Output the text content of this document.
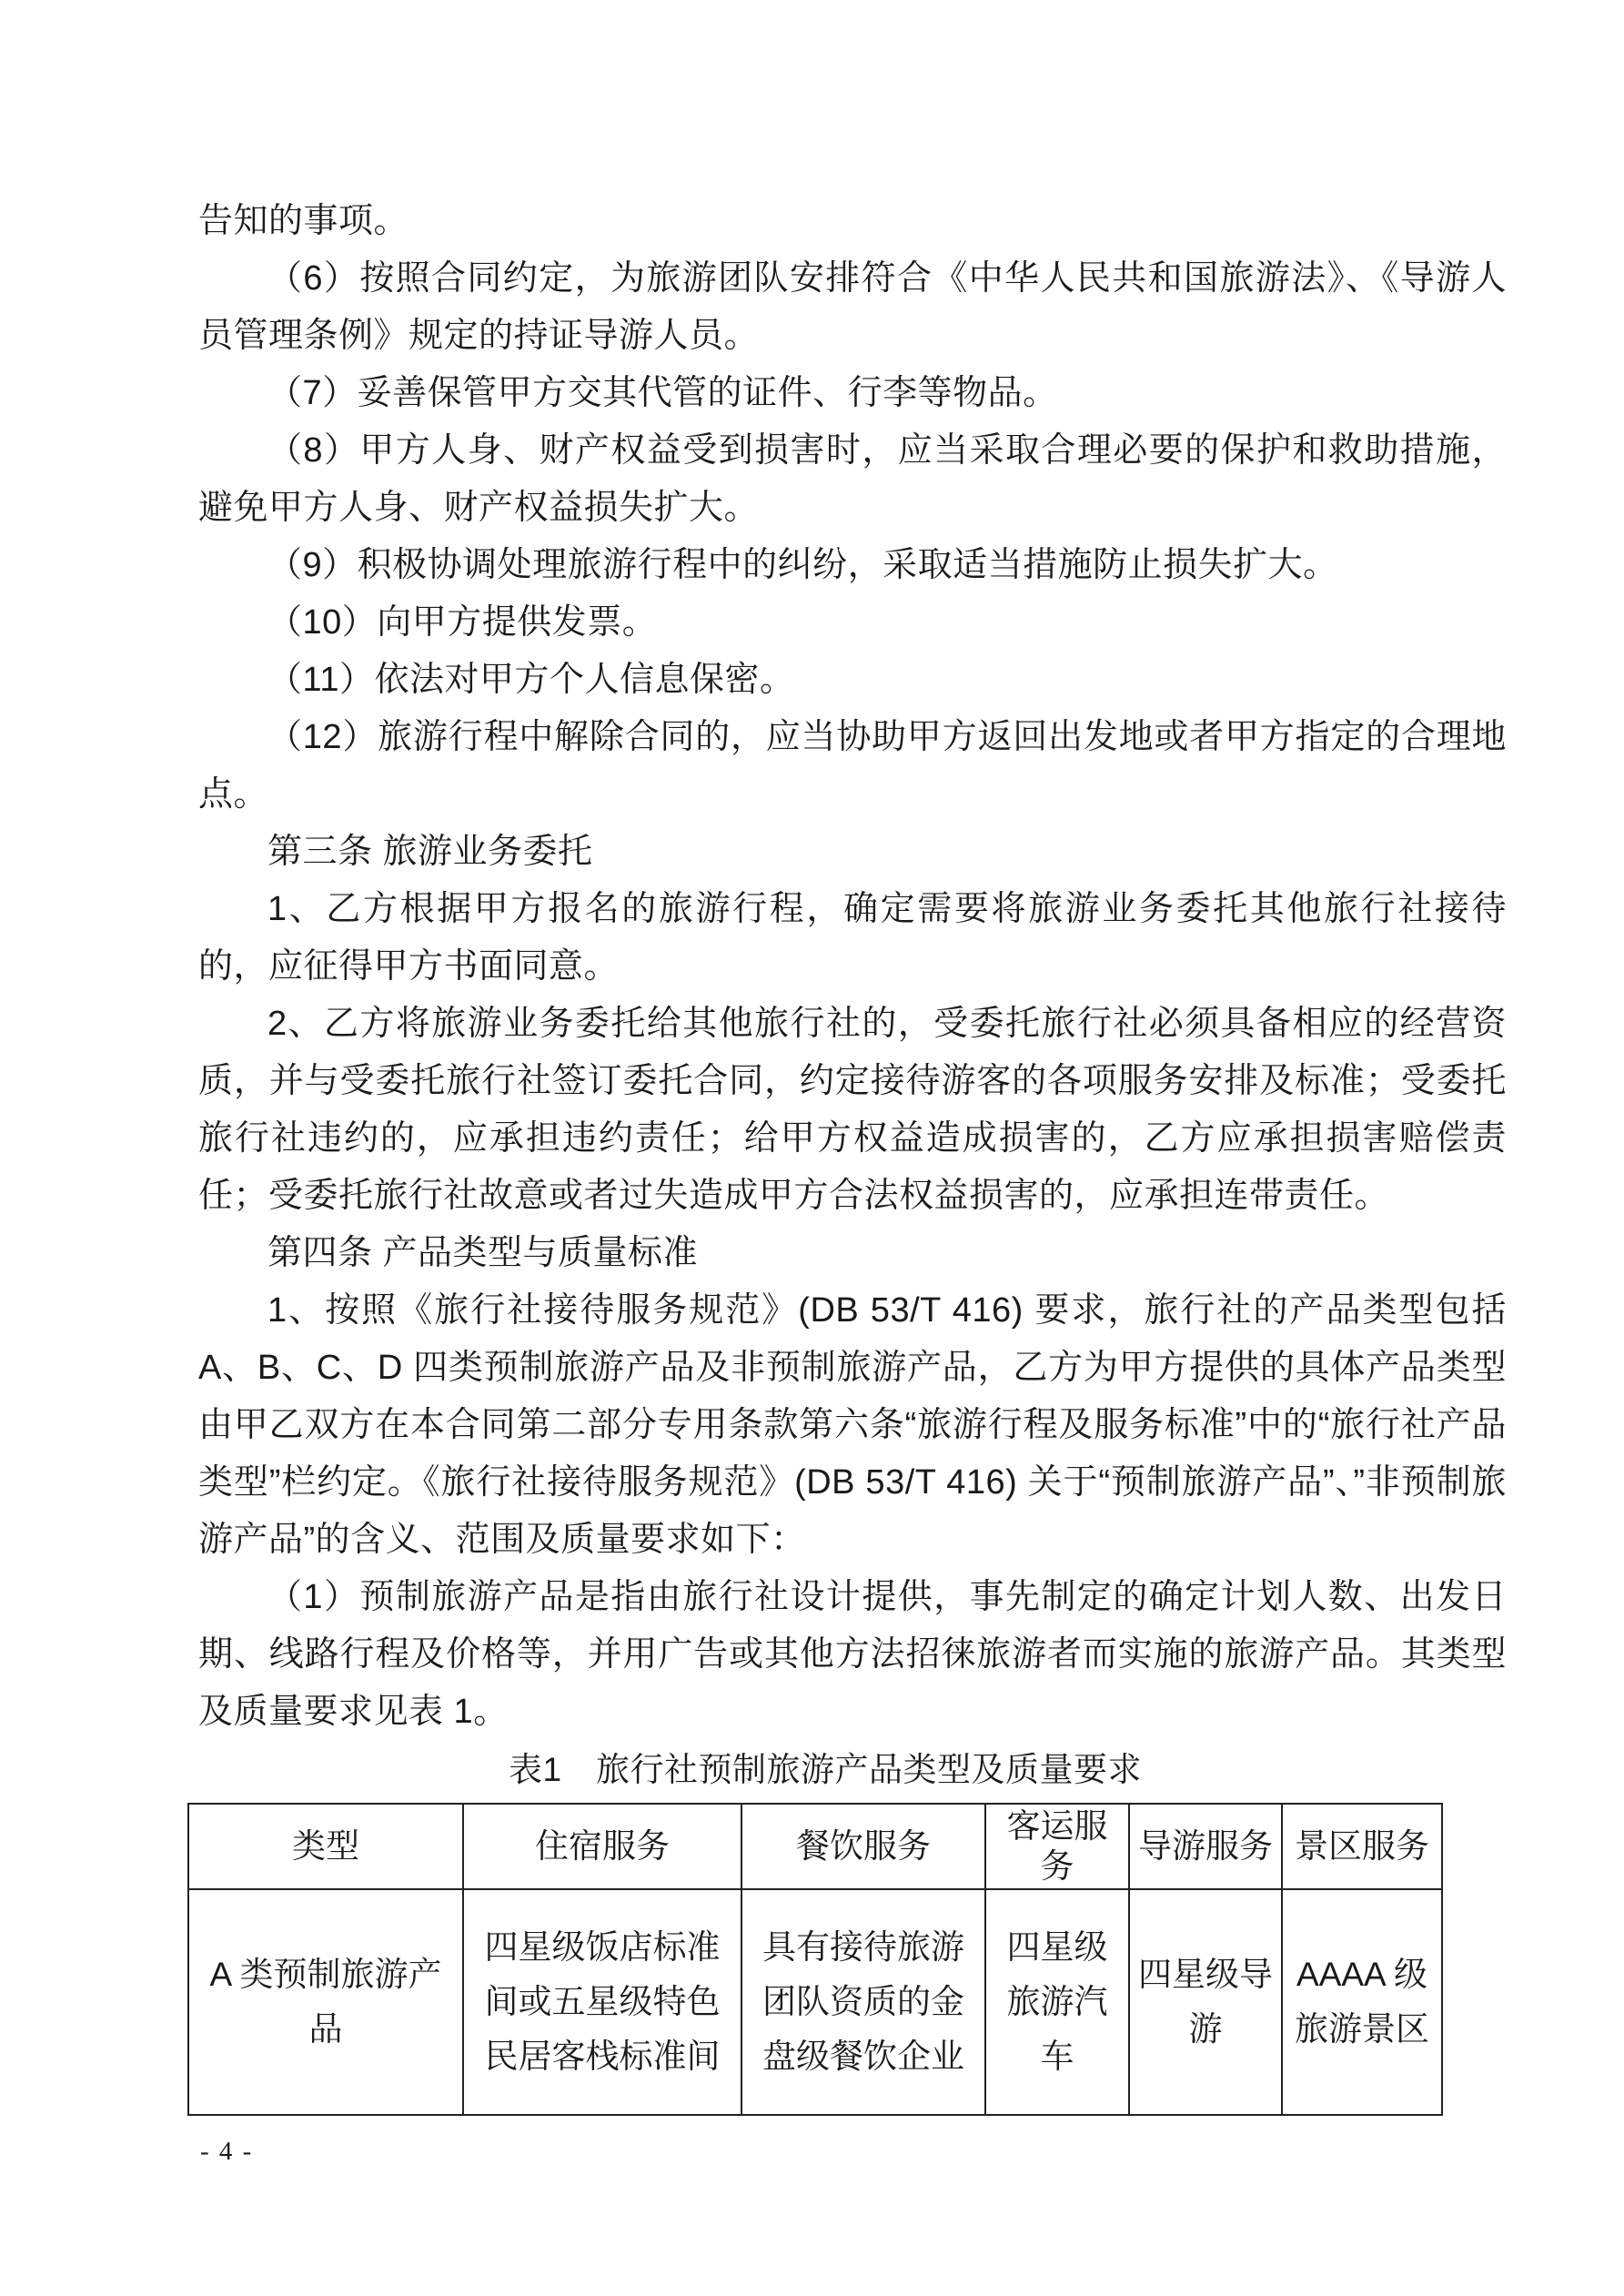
告知的事项。

（6）按照合同约定，为旅游团队安排符合《中华人民共和国旅游法》、《导游人员管理条例》规定的持证导游人员。

（7）妥善保管甲方交其代管的证件、行李等物品。

（8）甲方人身、财产权益受到损害时，应当采取合理必要的保护和救助措施，避免甲方人身、财产权益损失扩大。

（9）积极协调处理旅游行程中的纠纷，采取适当措施防止损失扩大。

（10）向甲方提供发票。

（11）依法对甲方个人信息保密。

（12）旅游行程中解除合同的，应当协助甲方返回出发地或者甲方指定的合理地点。

第三条 旅游业务委托

1、乙方根据甲方报名的旅游行程，确定需要将旅游业务委托其他旅行社接待的，应征得甲方书面同意。

2、乙方将旅游业务委托给其他旅行社的，受委托旅行社必须具备相应的经营资质，并与受委托旅行社签订委托合同，约定接待游客的各项服务安排及标准；受委托旅行社违约的，应承担违约责任；给甲方权益造成损害的，乙方应承担损害赔偿责任；受委托旅行社故意或者过失造成甲方合法权益损害的，应承担连带责任。

第四条 产品类型与质量标准

1、按照《旅行社接待服务规范》(DB 53/T 416) 要求，旅行社的产品类型包括 A、B、C、D 四类预制旅游产品及非预制旅游产品，乙方为甲方提供的具体产品类型由甲乙双方在本合同第二部分专用条款第六条“旅游行程及服务标准”中的“旅行社产品类型”栏约定。《旅行社接待服务规范》(DB 53/T 416) 关于“预制旅游产品”、”非预制旅游产品”的含义、范围及质量要求如下：

（1）预制旅游产品是指由旅行社设计提供，事先制定的确定计划人数、出发日期、线路行程及价格等，并用广告或其他方法招徕旅游者而实施的旅游产品。其类型及质量要求见表 1。

表1　旅行社预制旅游产品类型及质量要求

类型	住宿服务	餐饮服务	客运服务	导游服务	景区服务
A 类预制旅游产品	四星级饭店标准间或五星级特色民居客栈标准间	具有接待旅游团队资质的金盘级餐饮企业	四星级旅游汽车	四星级导游	AAAA 级旅游景区
- 4 -
